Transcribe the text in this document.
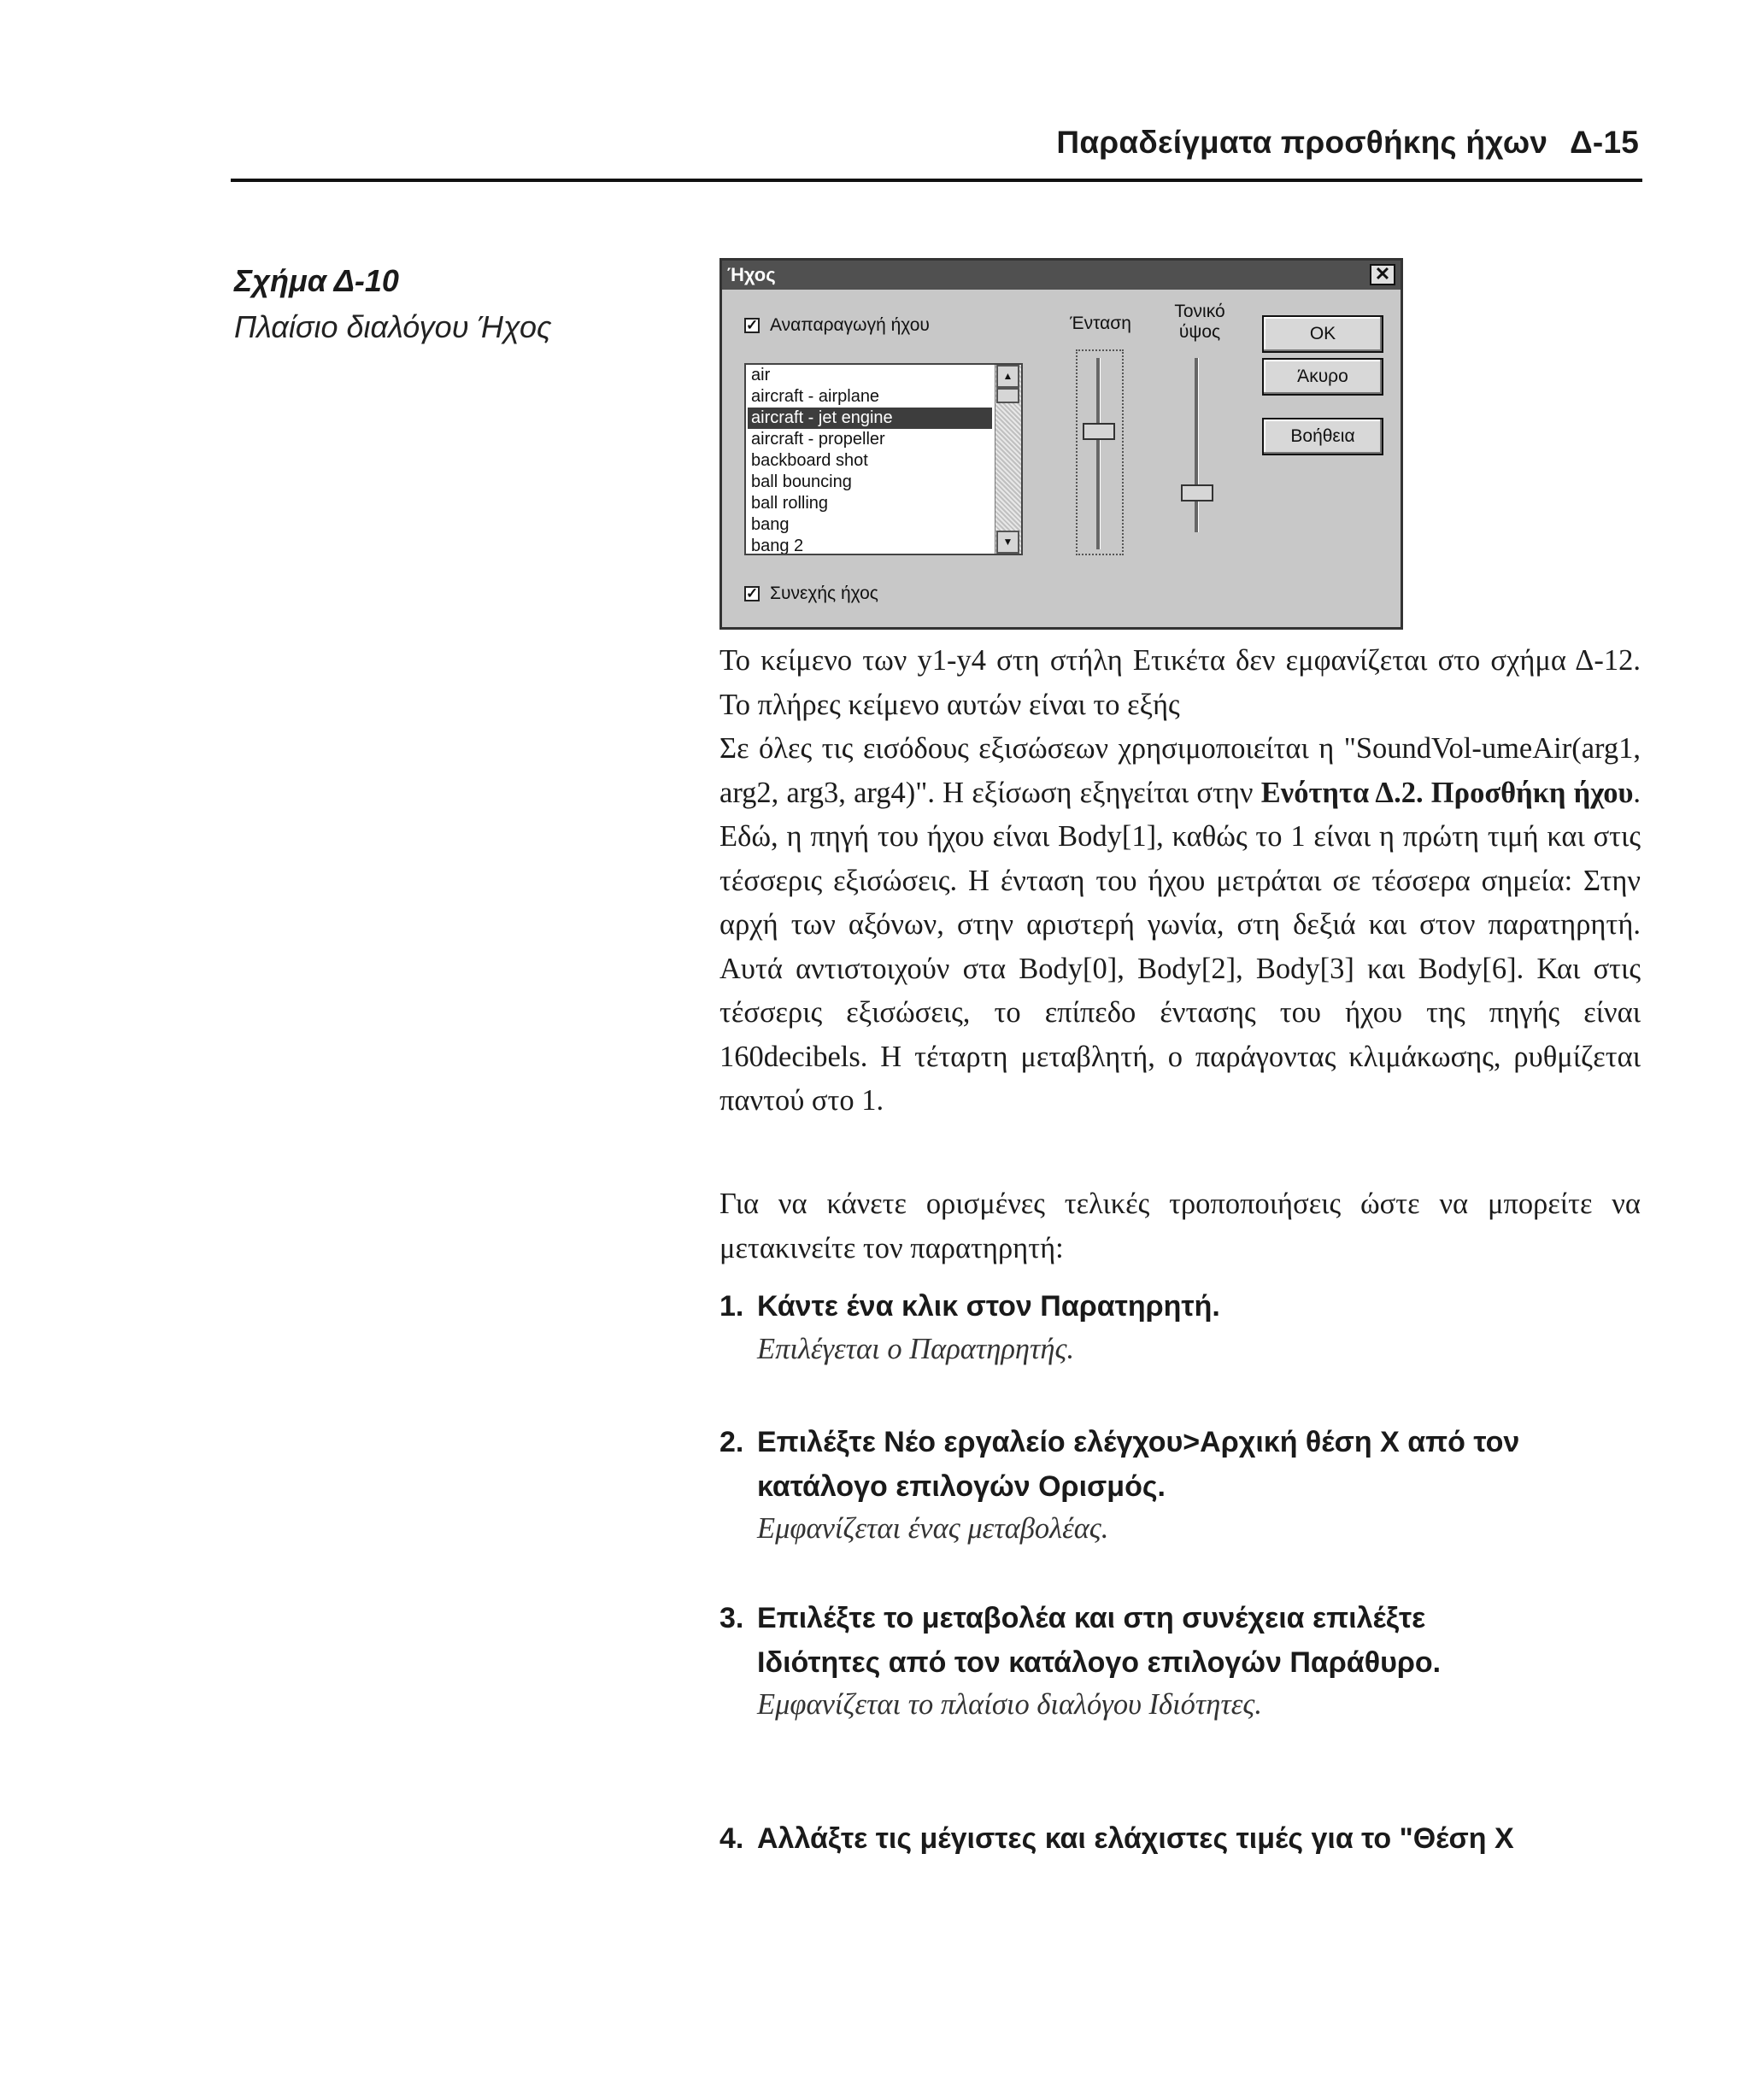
Παραδείγματα προσθήκης ήχων Δ-15
Σχήμα Δ-10
Πλαίσιο διαλόγου Ήχος
Ήχος	✕
✓ Αναπαραγωγή ήχου	Ένταση
Τονικό
ύψος
air
aircraft - airplane
aircraft - jet engine
aircraft - propeller
backboard shot
ball bouncing
ball rolling
bang
bang 2
▲
▼
OK
Άκυρο
Βοήθεια
✓ Συνεχής ήχος
Το κείμενο των y1-y4 στη στήλη Ετικέτα δεν εμφανίζεται στο σχήμα Δ-12. Το πλήρες κείμενο αυτών είναι το εξής
Σε όλες τις εισόδους εξισώσεων χρησιμοποιείται η "SoundVol-umeAir(arg1, arg2, arg3, arg4)". Η εξίσωση εξηγείται στην Ενότητα Δ.2. Προσθήκη ήχου. Εδώ, η πηγή του ήχου είναι Body[1], καθώς το 1 είναι η πρώτη τιμή και στις τέσσερις εξισώσεις. Η ένταση του ήχου μετράται σε τέσσερα σημεία: Στην αρχή των αξόνων, στην αριστερή γωνία, στη δεξιά και στον παρατηρητή. Αυτά αντιστοιχούν στα Body[0], Body[2], Body[3] και Body[6]. Και στις τέσσερις εξισώσεις, το επίπεδο έντασης του ήχου της πηγής είναι 160decibels. Η τέταρτη μεταβλητή, ο παράγοντας κλιμάκωσης, ρυθμίζεται παντού στο 1.
Για να κάνετε ορισμένες τελικές τροποποιήσεις ώστε να μπορείτε να μετακινείτε τον παρατηρητή:
1. Κάντε ένα κλικ στον Παρατηρητή.
Επιλέγεται ο Παρατηρητής.
2. Επιλέξτε Νέο εργαλείο ελέγχου>Αρχική θέση Χ από τον
κατάλογο επιλογών Ορισμός.
Εμφανίζεται ένας μεταβολέας.
3. Επιλέξτε το μεταβολέα και στη συνέχεια επιλέξτε
Ιδιότητες από τον κατάλογο επιλογών Παράθυρο.
Εμφανίζεται το πλαίσιο διαλόγου Ιδιότητες.
4. Αλλάξτε τις μέγιστες και ελάχιστες τιμές για το "Θέση Χ
